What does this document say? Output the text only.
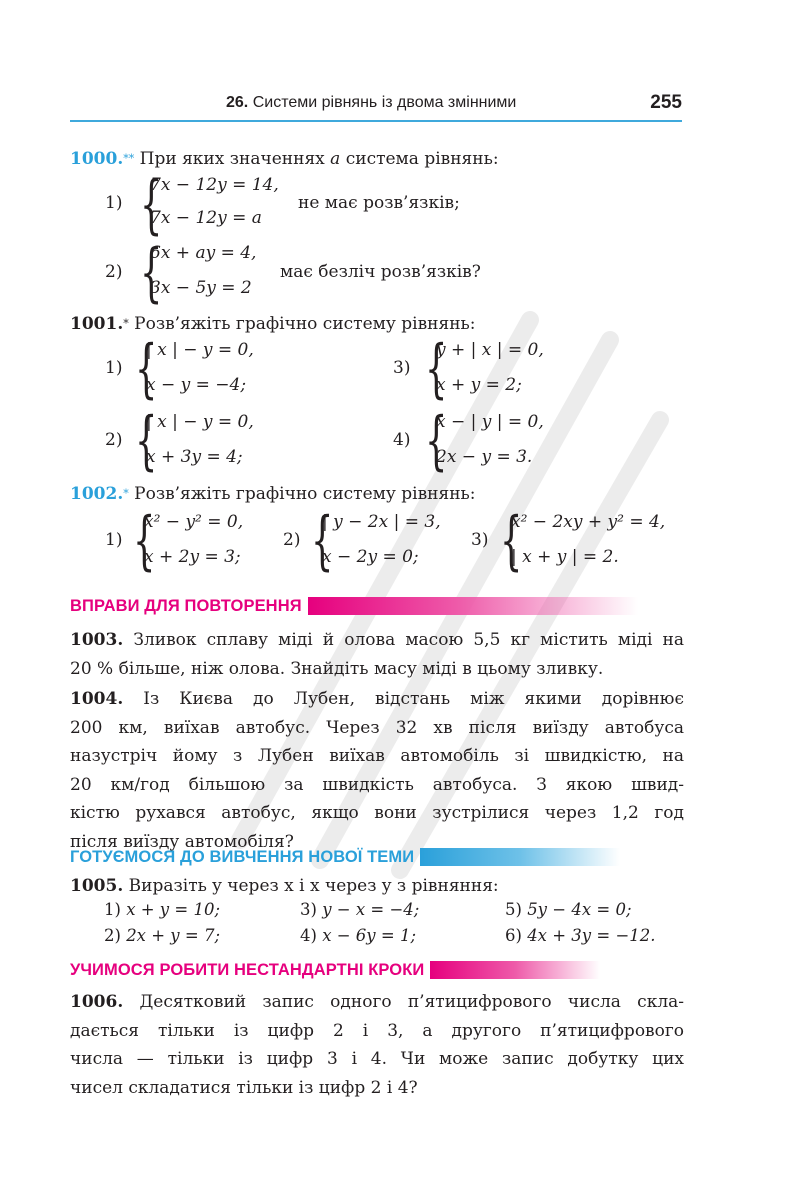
26. Системи рівнянь із двома змінними	255
1000.** При яких значеннях a система рівнянь:
1) {
7x − 12y = 14,
7x − 12y = a
не має розв’язків;
2) {
6x + ay = 4,
3x − 5y = 2
має безліч розв’язків?
1001.* Розв’яжіть графічно систему рівнянь:
1) {
| x | − y = 0,
x − y = −4;
3) {
y + | x | = 0,
x + y = 2;
2) {
| x | − y = 0,
x + 3y = 4;
4) {
x − | y | = 0,
2x − y = 3.
1002.* Розв’яжіть графічно систему рівнянь:
1) {
x² − y² = 0,
x + 2y = 3;
2) {
| y − 2x | = 3,
x − 2y = 0;
3) {
x² − 2xy + y² = 4,
| x + y | = 2.
ВПРАВИ ДЛЯ ПОВТОРЕННЯ
1003. Зливок сплаву міді й олова масою 5,5 кг містить міді на
20 % більше, ніж олова. Знайдіть масу міді в цьому зливку.
1004. Із Києва до Лубен, відстань між якими дорівнює
200 км, виїхав автобус. Через 32 хв після виїзду автобуса
назустріч йому з Лубен виїхав автомобіль зі швидкістю, на
20 км/год більшою за швидкість автобуса. З якою швид-
кістю рухався автобус, якщо вони зустрілися через 1,2 год
після виїзду автомобіля?
ГОТУЄМОСЯ ДО ВИВЧЕННЯ НОВОЇ ТЕМИ
1005. Виразіть y через x і x через y з рівняння:
1) x + y = 10;
2) 2x + y = 7;
3) y − x = −4;
4) x − 6y = 1;
5) 5y − 4x = 0;
6) 4x + 3y = −12.
УЧИМОСЯ РОБИТИ НЕСТАНДАРТНІ КРОКИ
1006. Десятковий запис одного п’ятицифрового числа скла-
дається тільки із цифр 2 і 3, а другого п’ятицифрового
числа — тільки із цифр 3 і 4. Чи може запис добутку цих
чисел складатися тільки із цифр 2 і 4?
